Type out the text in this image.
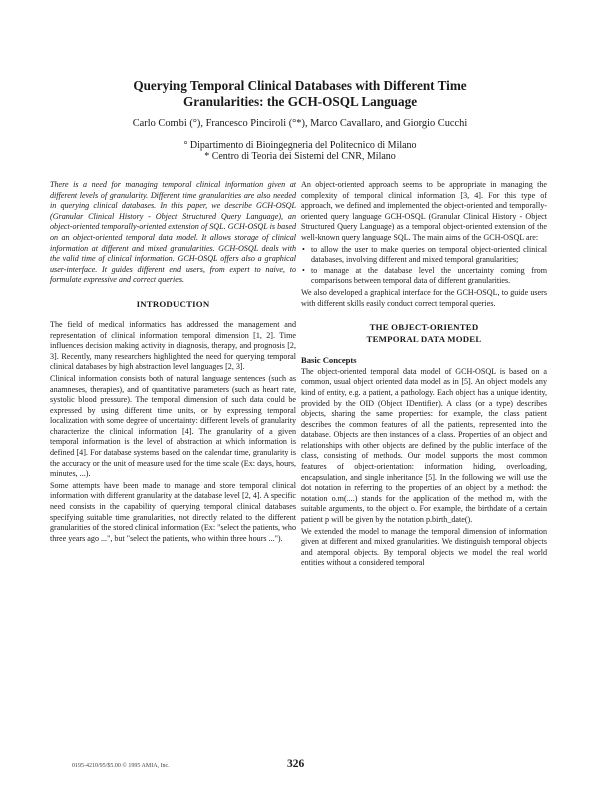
Querying Temporal Clinical Databases with Different Time
Granularities: the GCH-OSQL Language
Carlo Combi (°), Francesco Pinciroli (°*), Marco Cavallaro, and Giorgio Cucchi
° Dipartimento di Bioingegneria del Politecnico di Milano
* Centro di Teoria dei Sistemi del CNR, Milano

There is a need for managing temporal clinical information given at different levels of granularity. Different time granularities are also needed in querying clinical databases. In this paper, we describe GCH-OSQL (Granular Clinical History - Object Structured Query Language), an object-oriented temporally-oriented extension of SQL. GCH-OSQL is based on an object-oriented temporal data model. It allows storage of clinical information at different and mixed granularities. GCH-OSQL deals with the valid time of clinical information. GCH-OSQL offers also a graphical user-interface. It guides different end users, from expert to naive, to formulate expressive and correct queries.

INTRODUCTION

The field of medical informatics has addressed the management and representation of clinical information temporal dimension [1, 2]. Time influences decision making activity in diagnosis, therapy, and prognosis [2, 3]. Recently, many researchers highlighted the need for querying temporal clinical databases by high abstraction level languages [2, 3].

Clinical information consists both of natural language sentences (such as anamneses, therapies), and of quantitative parameters (such as heart rate, systolic blood pressure). The temporal dimension of such data could be expressed by using different time units, or by expressing temporal localization with some degree of uncertainty: different levels of granularity characterize the clinical information [4]. The granularity of a given temporal information is the level of abstraction at which information is defined [4]. For database systems based on the calendar time, granularity is the accuracy or the unit of measure used for the time scale (Ex: days, hours, minutes, ...).

Some attempts have been made to manage and store temporal clinical information with different granularity at the database level [2, 4]. A specific need consists in the capability of querying temporal clinical databases specifying suitable time granularities, not directly related to the different granularities of the stored clinical information (Ex: "select the patients, who three years ago ...", but "select the patients, who within three hours ...").

An object-oriented approach seems to be appropriate in managing the complexity of temporal clinical information [3, 4]. For this type of approach, we defined and implemented the object-oriented and temporally-oriented query language GCH-OSQL (Granular Clinical History - Object Structured Query Language) as a temporal object-oriented extension of the well-known query language SQL. The main aims of the GCH-OSQL are:

• to allow the user to make queries on temporal object-oriented clinical databases, involving different and mixed temporal granularities;
• to manage at the database level the uncertainty coming from comparisons between temporal data of different granularities.

We also developed a graphical interface for the GCH-OSQL, to guide users with different skills easily conduct correct temporal queries.

THE OBJECT-ORIENTED
TEMPORAL DATA MODEL
Basic Concepts

The object-oriented temporal data model of GCH-OSQL is based on a common, usual object oriented data model as in [5]. An object models any kind of entity, e.g. a patient, a pathology. Each object has a unique identity, provided by the OID (Object IDentifier). A class (or a type) describes objects, sharing the same properties: for example, the class patient describes the common features of all the patients, represented into the database. Objects are then instances of a class. Properties of an object and relationships with other objects are defined by the public interface of the class, consisting of methods. Our model supports the most common features of object-orientation: information hiding, overloading, encapsulation, and single inheritance [5]. In the following we will use the dot notation in referring to the properties of an object by a method: the notation o.m(....) stands for the application of the method m, with the suitable arguments, to the object o. For example, the birthdate of a certain patient p will be given by the notation p.birth_date().

We extended the model to manage the temporal dimension of information given at different and mixed granularities. We distinguish temporal objects and atemporal objects. By temporal objects we model the real world entities without a considered temporal

0195-4210/95/$5.00 © 1995 AMIA, Inc.	326
